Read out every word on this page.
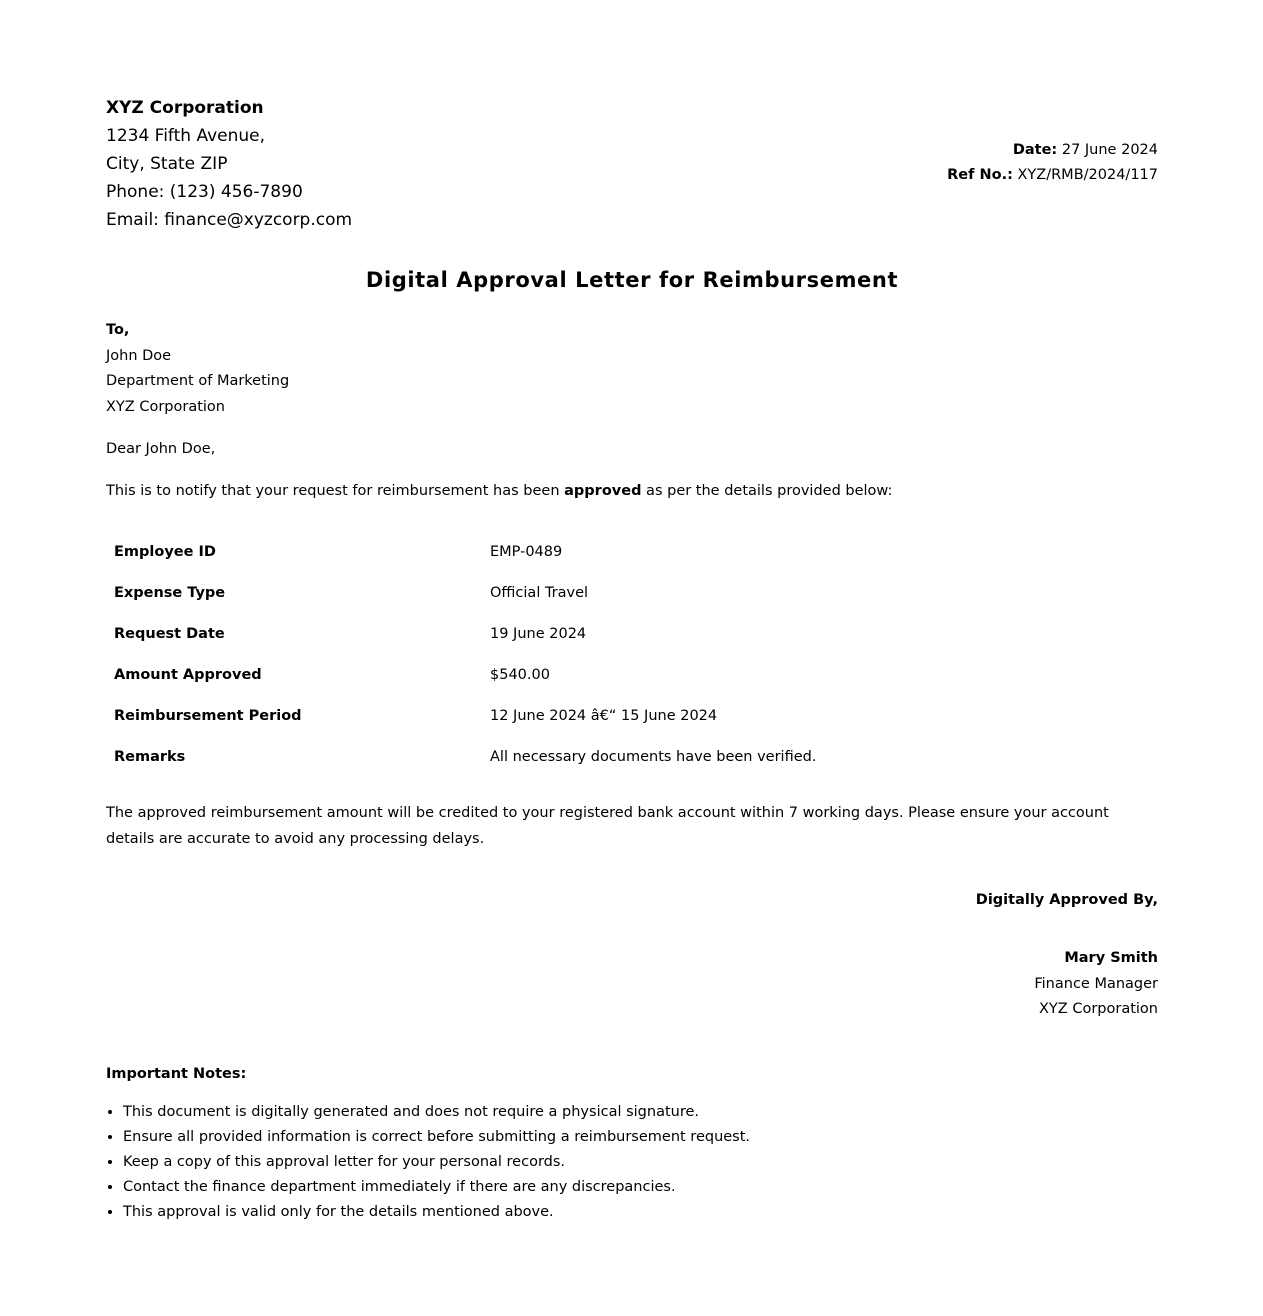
XYZ Corporation
1234 Fifth Avenue,
City, State ZIP
Phone: (123) 456-7890
Email: finance@xyzcorp.com
Date: 27 June 2024
Ref No.: XYZ/RMB/2024/117
Digital Approval Letter for Reimbursement
To,
John Doe
Department of Marketing
XYZ Corporation
Dear John Doe,
This is to notify that your request for reimbursement has been approved as per the details provided below:
Employee ID	EMP-0489
Expense Type	Official Travel
Request Date	19 June 2024
Amount Approved	$540.00
Reimbursement Period	12 June 2024 â€“ 15 June 2024
Remarks	All necessary documents have been verified.
The approved reimbursement amount will be credited to your registered bank account within 7 working days. Please ensure your account details are accurate to avoid any processing delays.
Digitally Approved By,
Mary Smith
Finance Manager
XYZ Corporation
Important Notes:
• This document is digitally generated and does not require a physical signature.
• Ensure all provided information is correct before submitting a reimbursement request.
• Keep a copy of this approval letter for your personal records.
• Contact the finance department immediately if there are any discrepancies.
• This approval is valid only for the details mentioned above.
